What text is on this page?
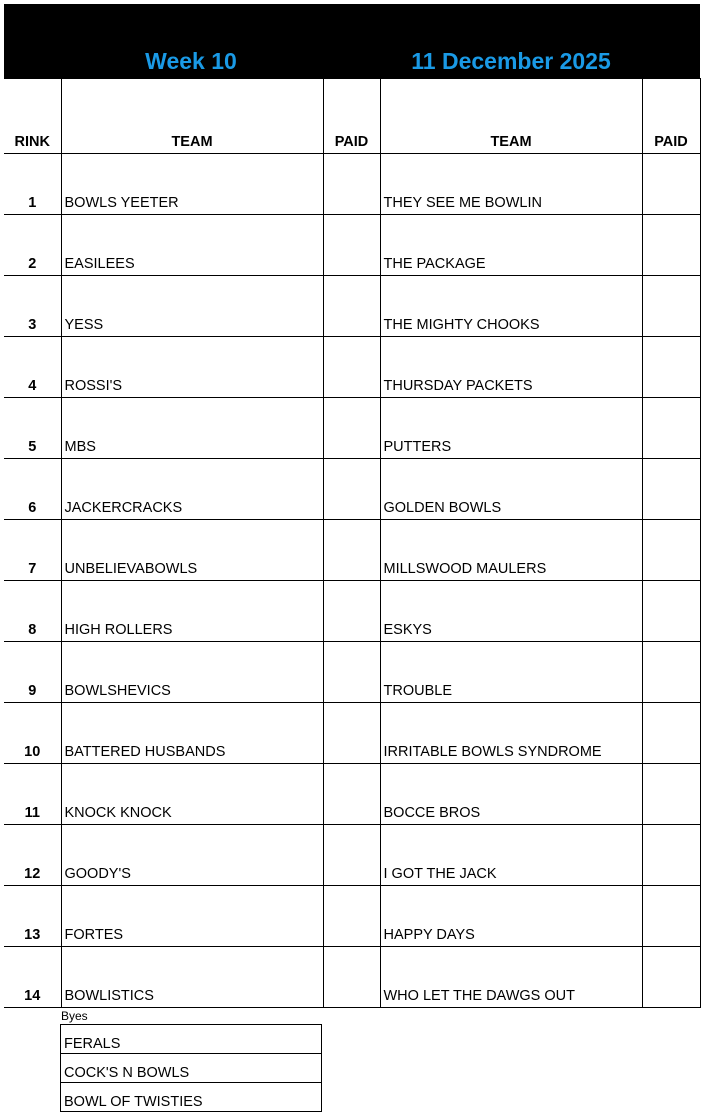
Week 10	11 December 2025
RINK	TEAM	PAID	TEAM	PAID
1	BOWLS YEETER		THEY SEE ME BOWLIN	
2	EASILEES		THE PACKAGE	
3	YESS		THE MIGHTY CHOOKS	
4	ROSSI'S		THURSDAY PACKETS	
5	MBS		PUTTERS	
6	JACKERCRACKS		GOLDEN BOWLS	
7	UNBELIEVABOWLS		MILLSWOOD MAULERS	
8	HIGH ROLLERS		ESKYS	
9	BOWLSHEVICS		TROUBLE	
10	BATTERED HUSBANDS		IRRITABLE BOWLS SYNDROME	
11	KNOCK KNOCK		BOCCE BROS	
12	GOODY'S		I GOT THE JACK	
13	FORTES		HAPPY DAYS	
14	BOWLISTICS		WHO LET THE DAWGS OUT	
Byes
FERALS
COCK'S N BOWLS
BOWL OF TWISTIES
